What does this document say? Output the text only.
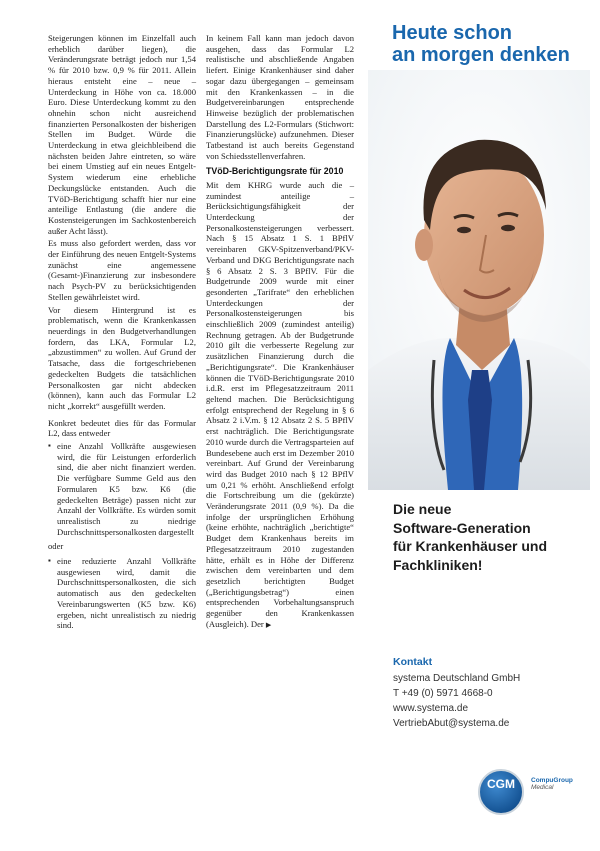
Steigerungen können im Einzelfall auch erheblich darüber liegen), die Veränderungsrate beträgt jedoch nur 1,54 % für 2010 bzw. 0,9 % für 2011. Allein hieraus entsteht eine – neue – Unterdeckung in Höhe von ca. 18.000 Euro. Diese Unterdeckung kommt zu den ohnehin schon nicht ausreichend finanzierten Personalkosten der bisherigen Stellen im Budget. Würde die Unterdeckung in etwa gleichbleibend die nächsten beiden Jahre eintreten, so wäre bei einem Umstieg auf ein neues Entgelt-System wiederum eine erhebliche Deckungslücke entstanden. Auch die TVöD-Berichtigung schafft hier nur eine anteilige Entlastung (die andere die Kostensteigerungen im Sachkostenbereich außer Acht lässt).

Es muss also gefordert werden, dass vor der Einführung des neuen Entgelt-Systems zunächst eine angemessene (Gesamt-)Finanzierung zur insbesondere nach Psych-PV zu berücksichtigenden Stellen gewährleistet wird.

Vor diesem Hintergrund ist es problematisch, wenn die Krankenkassen neuerdings in den Budgetverhandlungen fordern, das LKA, Formular L2, „abzustimmen“ zu wollen. Auf Grund der Tatsache, dass die fortgeschriebenen gedeckelten Budgets die tatsächlichen Personalkosten gar nicht abdecken (können), kann auch das Formular L2 nicht „korrekt“ ausgefüllt werden.

Konkret bedeutet dies für das Formular L2, dass entweder

▪ eine Anzahl Vollkräfte ausgewiesen wird, die für Leistungen erforderlich sind, die aber nicht finanziert werden. Die verfügbare Summe Geld aus den Formularen K5 bzw. K6 (die gedeckelten Beträge) passen nicht zur Anzahl der Vollkräfte. Es würden somit unrealistisch zu niedrige Durchschnittspersonalkosten dargestellt
oder
▪ eine reduzierte Anzahl Vollkräfte ausgewiesen wird, damit die Durchschnittspersonalkosten, die sich automatisch aus den gedeckelten Vereinbarungswerten (K5 bzw. K6) ergeben, nicht unrealistisch zu niedrig sind.

In keinem Fall kann man jedoch davon ausgehen, dass das Formular L2 realistische und abschließende Angaben liefert. Einige Krankenhäuser sind daher sogar dazu übergegangen – gemeinsam mit den Krankenkassen – in die Budgetvereinbarungen entsprechende Hinweise bezüglich der problematischen Darstellung des L2-Formulars (Stichwort: Finanzierungslücke) aufzunehmen. Dieser Tatbestand ist auch bereits Gegenstand von Schiedsstellenverfahren.

TVöD-Berichtigungsrate für 2010

Mit dem KHRG wurde auch die – zumindest anteilige – Berücksichtigungsfähigkeit der Unterdeckung der Personalkostensteigerungen verbessert. Nach § 15 Absatz 1 S. 1 BPflV vereinbaren GKV-Spitzenverband/PKV-Verband und DKG Berichtigungsrate nach § 6 Absatz 2 S. 3 BPflV. Für die Budgetrunde 2009 wurde mit einer gesonderten „Tarifrate“ den erheblichen Unterdeckungen der Personalkostensteigerungen bis einschließlich 2009 (zumindest anteilig) Rechnung getragen. Ab der Budgetrunde 2010 gilt die verbesserte Regelung zur zusätzlichen Finanzierung durch die „Berichtigungsrate“. Die Krankenhäuser können die TVöD-Berichtigungsrate 2010 i.d.R. erst im Pflegesatzzeitraum 2011 geltend machen. Die Berücksichtigung erfolgt entsprechend der Regelung in § 6 Absatz 2 i.V.m. § 12 Absatz 2 S. 5 BPflV erst nachträglich. Die Berichtigungsrate 2010 wurde durch die Vertragsparteien auf Bundesebene auch erst im Dezember 2010 vereinbart. Auf Grund der Vereinbarung wird das Budget 2010 nach § 12 BPflV um 0,21 % erhöht. Anschließend erfolgt die Fortschreibung um die (gekürzte) Veränderungsrate 2011 (0,9 %). Da die infolge der ursprünglichen Erhöhung (keine erhöhte, nachträglich „berichtigte“ Budget dem Krankenhaus bereits im Pflegesatzzeitraum 2010 zugestanden hätte, erhält es in Höhe der Differenz zwischen dem vereinbarten und dem gesetzlich berichtigten Budget („Berichtigungsbetrag“) einen entsprechenden Vorbehaltungsanspruch gegenüber den Krankenkassen (Ausgleich). Der ▶

Heute schon
an morgen denken
Die neue
Software-Generation
für Krankenhäuser und
Fachkliniken!
Kontakt
systema Deutschland GmbH
T +49 (0) 5971 4668-0
www.systema.de
VertriebAbut@systema.de
CGM	CompuGroup
Medical
